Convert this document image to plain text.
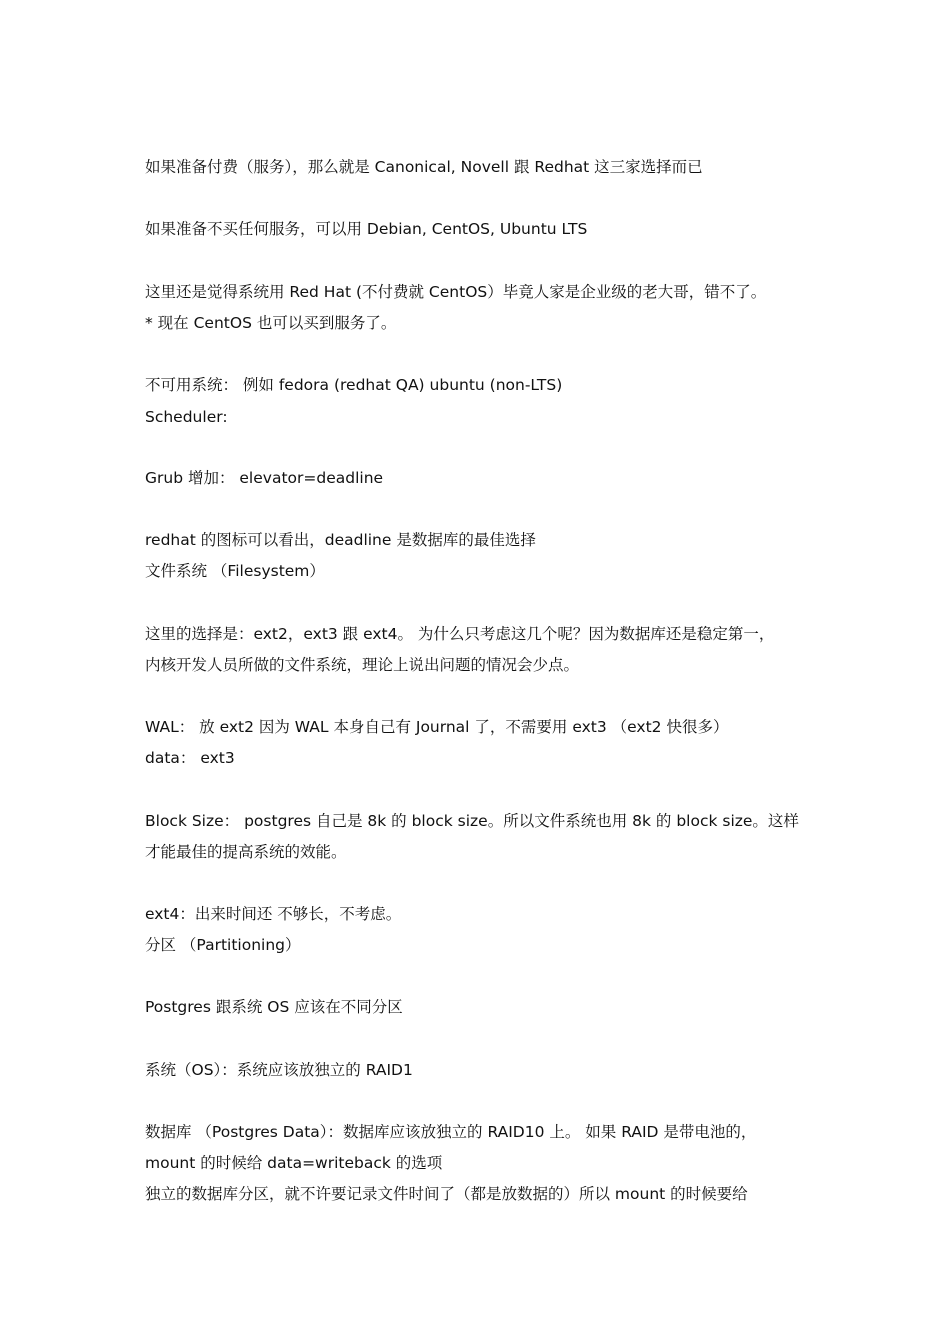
如果准备付费（服务），那么就是 Canonical, Novell 跟 Redhat 这三家选择而已
如果准备不买任何服务，可以用 Debian, CentOS, Ubuntu LTS
这里还是觉得系统用 Red Hat (不付费就 CentOS）毕竟人家是企业级的老大哥，错不了。
* 现在 CentOS 也可以买到服务了。
不可用系统： 例如 fedora (redhat QA) ubuntu (non-LTS)
Scheduler:
Grub 增加： elevator=deadline
redhat 的图标可以看出，deadline 是数据库的最佳选择
文件系统 （Filesystem）
这里的选择是：ext2，ext3 跟 ext4。 为什么只考虑这几个呢？因为数据库还是稳定第一，
内核开发人员所做的文件系统，理论上说出问题的情况会少点。
WAL： 放 ext2 因为 WAL 本身自己有 Journal 了，不需要用 ext3 （ext2 快很多）
data： ext3
Block Size： postgres 自己是 8k 的 block size。所以文件系统也用 8k 的 block size。这样
才能最佳的提高系统的效能。
ext4：出来时间还 不够长，不考虑。
分区 （Partitioning）
Postgres 跟系统 OS 应该在不同分区
系统（OS）：系统应该放独立的 RAID1
数据库 （Postgres Data）：数据库应该放独立的 RAID10 上。 如果 RAID 是带电池的，
mount 的时候给 data=writeback 的选项
独立的数据库分区，就不许要记录文件时间了（都是放数据的）所以 mount 的时候要给
